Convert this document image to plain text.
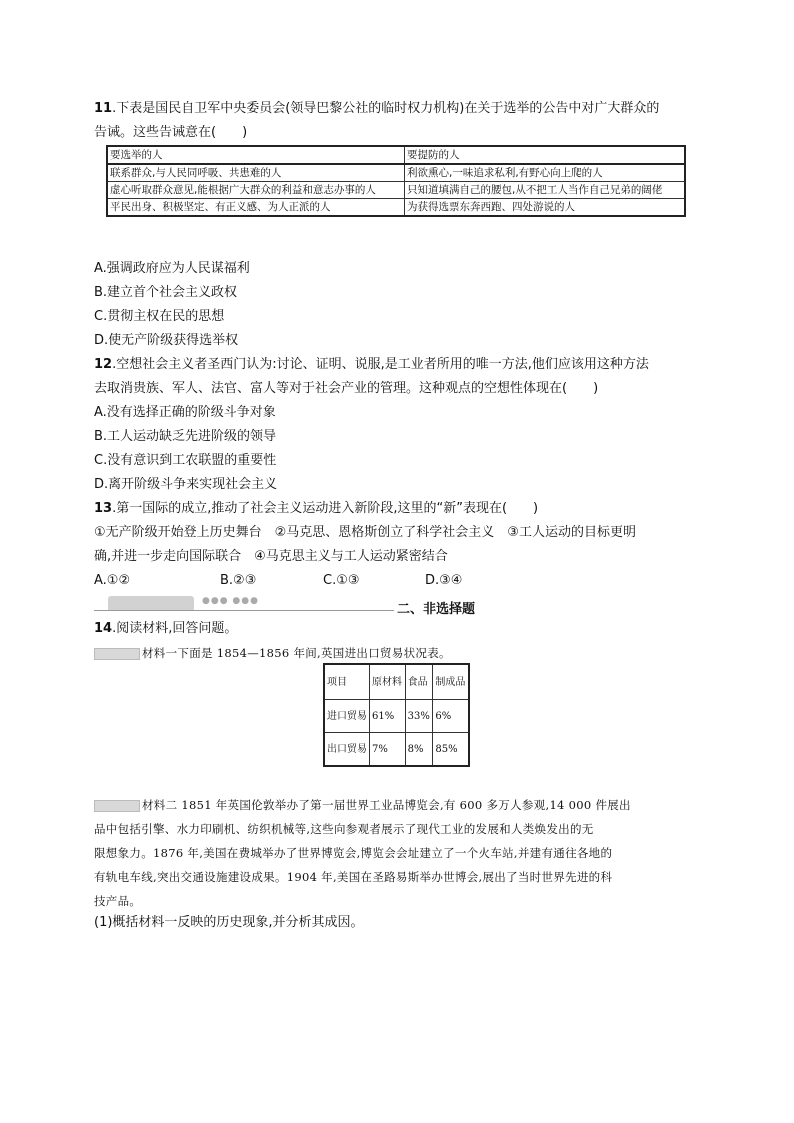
11.下表是国民自卫军中央委员会(领导巴黎公社的临时权力机构)在关于选举的公告中对广大群众的
告诫。这些告诫意在(　　)
要选举的人	要提防的人
联系群众,与人民同呼吸、共患难的人	利欲熏心,一味追求私利,有野心向上爬的人
虚心听取群众意见,能根据广大群众的利益和意志办事的人	只知道填满自己的腰包,从不把工人当作自己兄弟的阔佬
平民出身、积极坚定、有正义感、为人正派的人	为获得选票东奔西跑、四处游说的人
A.强调政府应为人民谋福利
B.建立首个社会主义政权
C.贯彻主权在民的思想
D.使无产阶级获得选举权
12.空想社会主义者圣西门认为:讨论、证明、说服,是工业者所用的唯一方法,他们应该用这种方法
去取消贵族、军人、法官、富人等对于社会产业的管理。这种观点的空想性体现在(　　)
A.没有选择正确的阶级斗争对象
B.工人运动缺乏先进阶级的领导
C.没有意识到工农联盟的重要性
D.离开阶级斗争来实现社会主义
13.第一国际的成立,推动了社会主义运动进入新阶段,这里的“新”表现在(　　)
①无产阶级开始登上历史舞台　②马克思、恩格斯创立了科学社会主义　③工人运动的目标更明
确,并进一步走向国际联合　④马克思主义与工人运动紧密结合
A.①②	B.②③	C.①③	D.③④
●●● ●●●
二、非选择题
14.阅读材料,回答问题。
材料一下面是 1854—1856 年间,英国进出口贸易状况表。
项目	原材料	食品	制成品
进口贸易	61%	33%	6%
出口贸易	7%	8%	85%
材料二 1851 年英国伦敦举办了第一届世界工业品博览会,有 600 多万人参观,14 000 件展出
品中包括引擎、水力印刷机、纺织机械等,这些向参观者展示了现代工业的发展和人类焕发出的无
限想象力。1876 年,美国在费城举办了世界博览会,博览会会址建立了一个火车站,并建有通往各地的
有轨电车线,突出交通设施建设成果。1904 年,美国在圣路易斯举办世博会,展出了当时世界先进的科
技产品。
(1)概括材料一反映的历史现象,并分析其成因。
